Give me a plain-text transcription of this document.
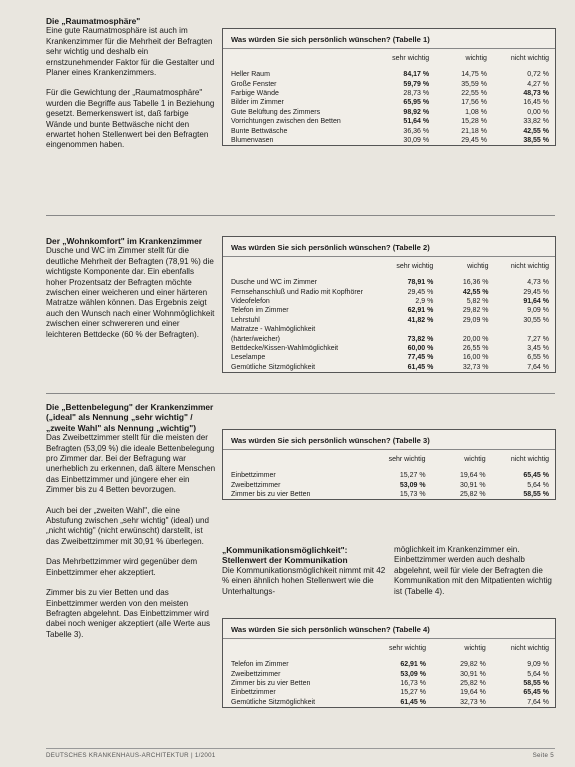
Die „Raumatmosphäre"

Eine gute Raumatmosphäre ist auch im Krankenzimmer für die Mehrheit der Befragten sehr wichtig und deshalb ein ernstzunehmender Faktor für die Gestalter und Planer eines Krankenzimmers.

Für die Gewichtung der „Raumatmosphäre" wurden die Begriffe aus Tabelle 1 in Beziehung gesetzt. Bemerkenswert ist, daß farbige Wände und bunte Bettwäsche nicht den erwartet hohen Stellenwert bei den Befragten eingenommen haben.

Was würden Sie sich persönlich wünschen? (Tabelle 1)
	sehr wichtig	wichtig	nicht wichtig
Heller Raum	84,17 %	14,75 %	0,72 %
Große Fenster	59,79 %	35,59 %	4,27 %
Farbige Wände	28,73 %	22,55 %	48,73 %
Bilder im Zimmer	65,95 %	17,56 %	16,45 %
Gute Belüftung des Zimmers	98,92 %	1,08 %	0,00 %
Vorrichtungen zwischen den Betten	51,64 %	15,28 %	33,82 %
Bunte Bettwäsche	36,36 %	21,18 %	42,55 %
Blumenvasen	30,09 %	29,45 %	38,55 %
Der „Wohnkomfort" im Krankenzimmer

Dusche und WC im Zimmer stellt für die deutliche Mehrheit der Befragten (78,91 %) die wichtigste Komponente dar. Ein ebenfalls hoher Prozentsatz der Befragten möchte zwischen einer weicheren und einer härteren Matratze wählen können. Das Ergebnis zeigt auch den Wunsch nach einer Wohnmöglichkeit zwischen einer schwereren und einer leichteren Bettdecke (60 % der Befragten).

Was würden Sie sich persönlich wünschen? (Tabelle 2)
	sehr wichtig	wichtig	nicht wichtig
Dusche und WC im Zimmer	78,91 %	16,36 %	4,73 %
Fernsehanschluß und Radio mit Kopfhörer	29,45 %	42,55 %	29,45 %
Videofelefon	2,9 %	5,82 %	91,64 %
Telefon im Zimmer	62,91 %	29,82 %	9,09 %
Lehrstuhl	41,82 %	29,09 %	30,55 %
Matratze - Wahlmöglichkeit			
(härter/weicher)	73,82 %	20,00 %	7,27 %
Bettdecke/Kissen-Wahlmöglichkeit	60,00 %	26,55 %	3,45 %
Leselampe	77,45 %	16,00 %	6,55 %
Gemütliche Sitzmöglichkeit	61,45 %	32,73 %	7,64 %
Die „Bettenbelegung" der Krankenzimmer („ideal" als Nennung „sehr wichtig" / „zweite Wahl" als Nennung „wichtig")

Das Zweibettzimmer stellt für die meisten der Befragten (53,09 %) die ideale Bettenbelegung pro Zimmer dar. Bei der Befragung war unerheblich zu erkennen, daß ältere Menschen das Einbettzimmer und jüngere eher ein Zimmer bis zu 4 Betten bevorzugen.

Auch bei der „zweiten Wahl", die eine Abstufung zwischen „sehr wichtig" (ideal) und „nicht wichtig" (nicht erwünscht) darstellt, ist das Zweibettzimmer mit 30,91 % überlegen.

Das Mehrbettzimmer wird gegenüber dem Einbettzimmer eher akzeptiert.

Zimmer bis zu vier Betten und das Einbettzimmer werden von den meisten Befragten abgelehnt. Das Einbettzimmer wird dabei noch weniger akzeptiert (alle Werte aus Tabelle 3).

Was würden Sie sich persönlich wünschen? (Tabelle 3)
	sehr wichtig	wichtig	nicht wichtig
Einbettzimmer	15,27 %	19,64 %	65,45 %
Zweibettzimmer	53,09 %	30,91 %	5,64 %
Zimmer bis zu vier Betten	15,73 %	25,82 %	58,55 %
„Kommunikationsmöglichkeit": Stellenwert der Kommunikation

Die Kommunikationsmöglichkeit nimmt mit 42 % einen ähnlich hohen Stellenwert wie die Unterhaltungs-

möglichkeit im Krankenzimmer ein. Einbettzimmer werden auch deshalb abgelehnt, weil für viele der Befragten die Kommunikation mit den Mitpatienten wichtig ist (Tabelle 4).

Was würden Sie sich persönlich wünschen? (Tabelle 4)
	sehr wichtig	wichtig	nicht wichtig
Telefon im Zimmer	62,91 %	29,82 %	9,09 %
Zweibettzimmer	53,09 %	30,91 %	5,64 %
Zimmer bis zu vier Betten	16,73 %	25,82 %	58,55 %
Einbettzimmer	15,27 %	19,64 %	65,45 %
Gemütliche Sitzmöglichkeit	61,45 %	32,73 %	7,64 %
DEUTSCHES KRANKENHAUS-ARCHITEKTUR | 1/2001	Seite 5
